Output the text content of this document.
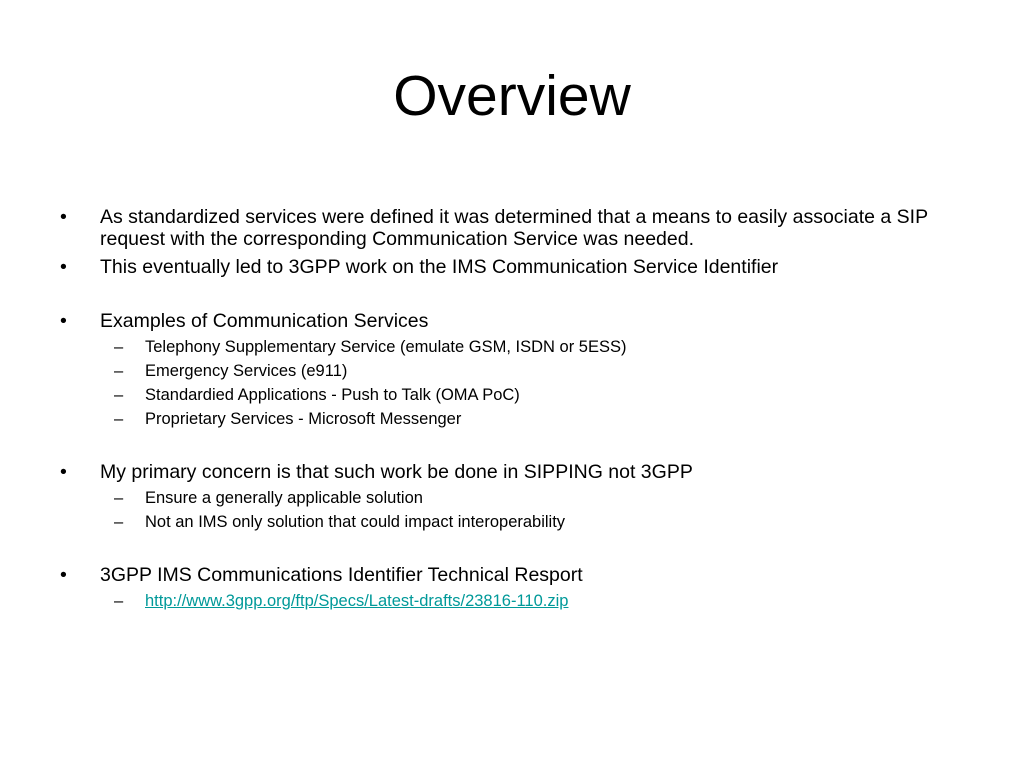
Overview
• As standardized services were defined it was determined that a means to easily associate a SIP request with the corresponding Communication Service was needed.
• This eventually led to 3GPP work on the IMS Communication Service Identifier
• Examples of Communication Services
– Telephony Supplementary Service (emulate GSM, ISDN or 5ESS)
– Emergency Services (e911)
– Standardied Applications - Push to Talk (OMA PoC)
– Proprietary Services - Microsoft Messenger
• My primary concern is that such work be done in SIPPING not 3GPP
– Ensure a generally applicable solution
– Not an IMS only solution that could impact interoperability
• 3GPP IMS Communications Identifier Technical Resport
– http://www.3gpp.org/ftp/Specs/Latest-drafts/23816-110.zip
